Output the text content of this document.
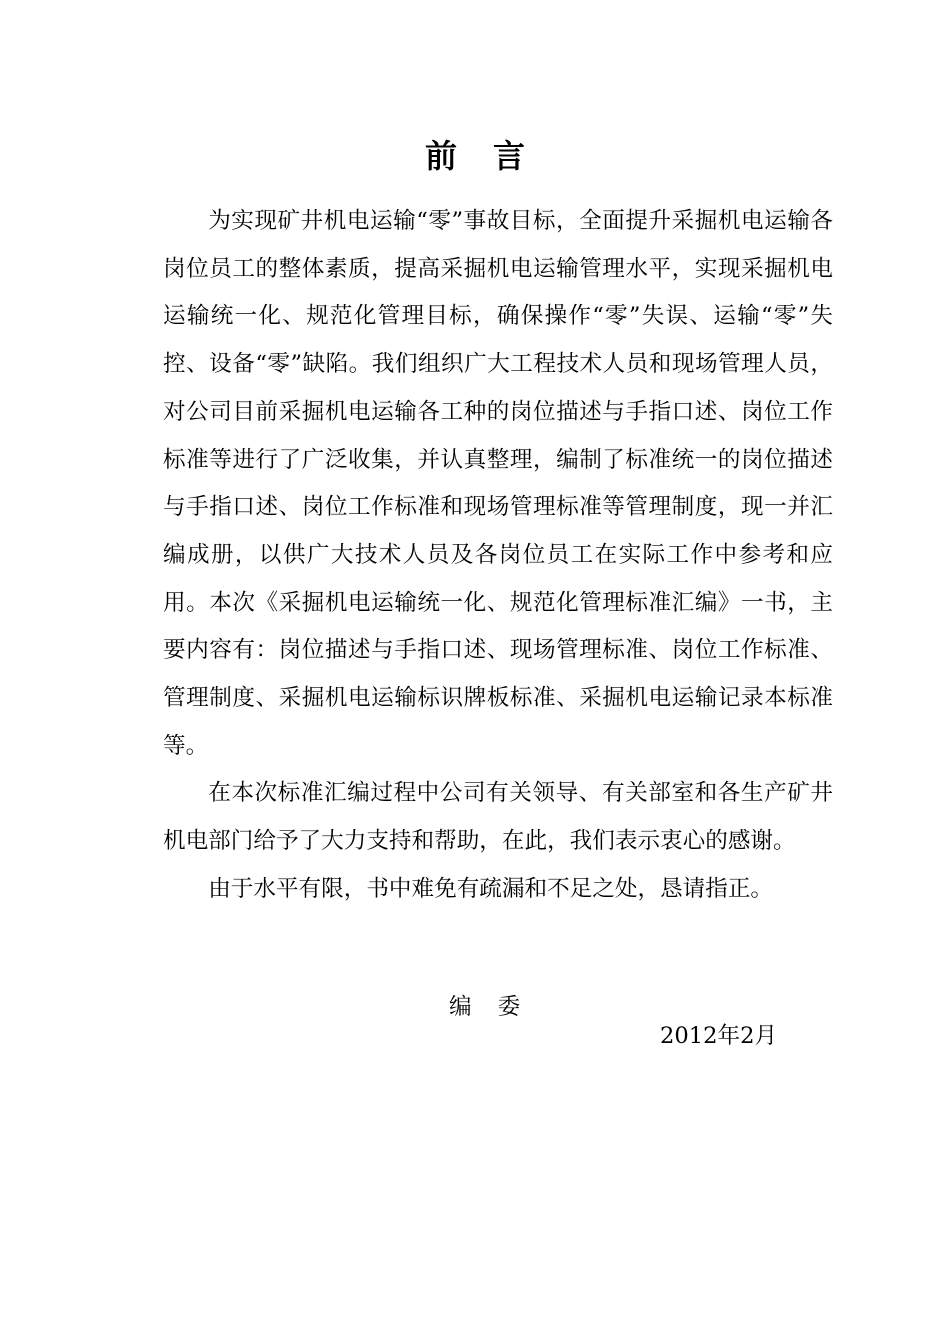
前 言

为实现矿井机电运输“零”事故目标，全面提升采掘机电运输各岗位员工的整体素质，提高采掘机电运输管理水平，实现采掘机电运输统一化、规范化管理目标，确保操作“零”失误、运输“零”失控、设备“零”缺陷。我们组织广大工程技术人员和现场管理人员，对公司目前采掘机电运输各工种的岗位描述与手指口述、岗位工作标准等进行了广泛收集，并认真整理，编制了标准统一的岗位描述与手指口述、岗位工作标准和现场管理标准等管理制度，现一并汇编成册，以供广大技术人员及各岗位员工在实际工作中参考和应用。本次《采掘机电运输统一化、规范化管理标准汇编》一书，主要内容有：岗位描述与手指口述、现场管理标准、岗位工作标准、管理制度、采掘机电运输标识牌板标准、采掘机电运输记录本标准等。

在本次标准汇编过程中公司有关领导、有关部室和各生产矿井机电部门给予了大力支持和帮助，在此，我们表示衷心的感谢。

由于水平有限，书中难免有疏漏和不足之处，恳请指正。

编 委
2012年2月
